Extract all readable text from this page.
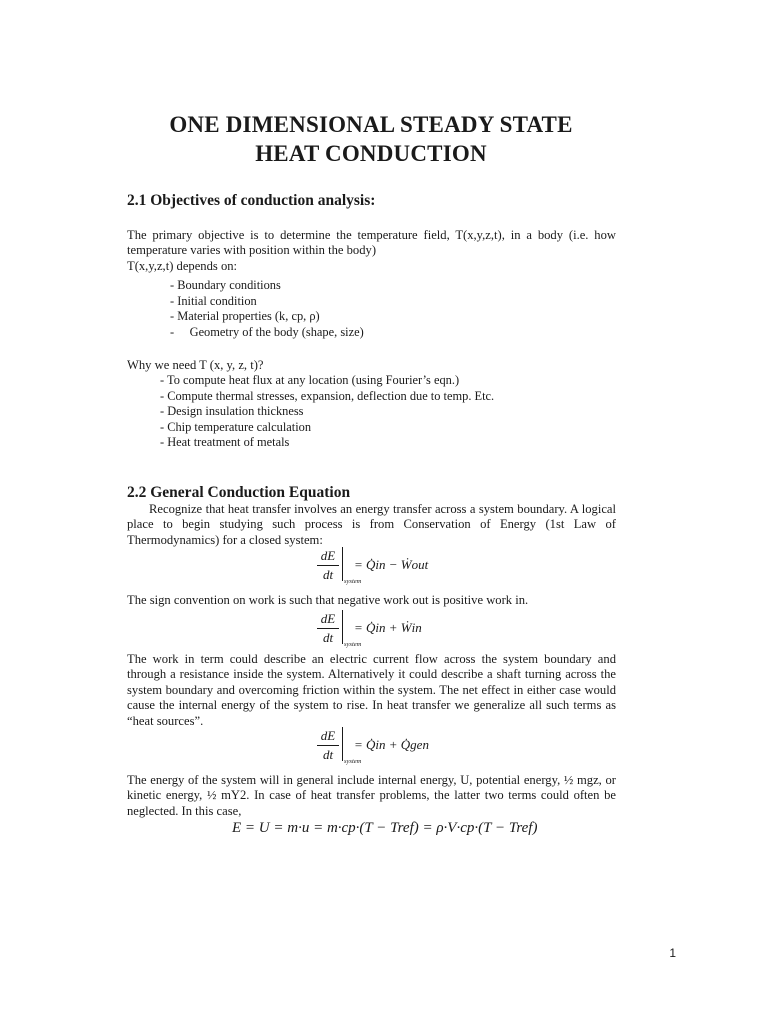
ONE DIMENSIONAL STEADY STATE
HEAT CONDUCTION
2.1 Objectives of conduction analysis:

The primary objective is to determine the temperature field, T(x,y,z,t), in a body (i.e. how temperature varies with position within the body)

T(x,y,z,t) depends on:

- Boundary conditions
- Initial condition
- Material properties (k, cp, ρ)
-     Geometry of the body (shape, size)

Why we need T (x, y, z, t)?

- To compute heat flux at any location (using Fourier’s eqn.)
- Compute thermal stresses, expansion, deflection due to temp. Etc.
- Design insulation thickness
- Chip temperature calculation
- Heat treatment of metals
2.2 General Conduction Equation

Recognize that heat transfer involves an energy transfer across a system boundary. A logical place to begin studying such process is from Conservation of Energy (1st Law of Thermodynamics) for a closed system:

$\frac{dE}{dt}$ system
= Q̇in − Ẇout

The sign convention on work is such that negative work out is positive work in.

$\frac{dE}{dt}$ system
= Q̇in + Ẇin

The work in term could describe an electric current flow across the system boundary and through a resistance inside the system. Alternatively it could describe a shaft turning across the system boundary and overcoming friction within the system. The net effect in either case would cause the internal energy of the system to rise. In heat transfer we generalize all such terms as “heat sources”.

$\frac{dE}{dt}$ system
= Q̇in + Q̇gen

The energy of the system will in general include internal energy, U, potential energy, ½ mgz, or kinetic energy, ½ mΥ2. In case of heat transfer problems, the latter two terms could often be neglected. In this case,

E = U = m·u = m·cp·(T − Tref) = ρ·V·cp·(T − Tref)
1
